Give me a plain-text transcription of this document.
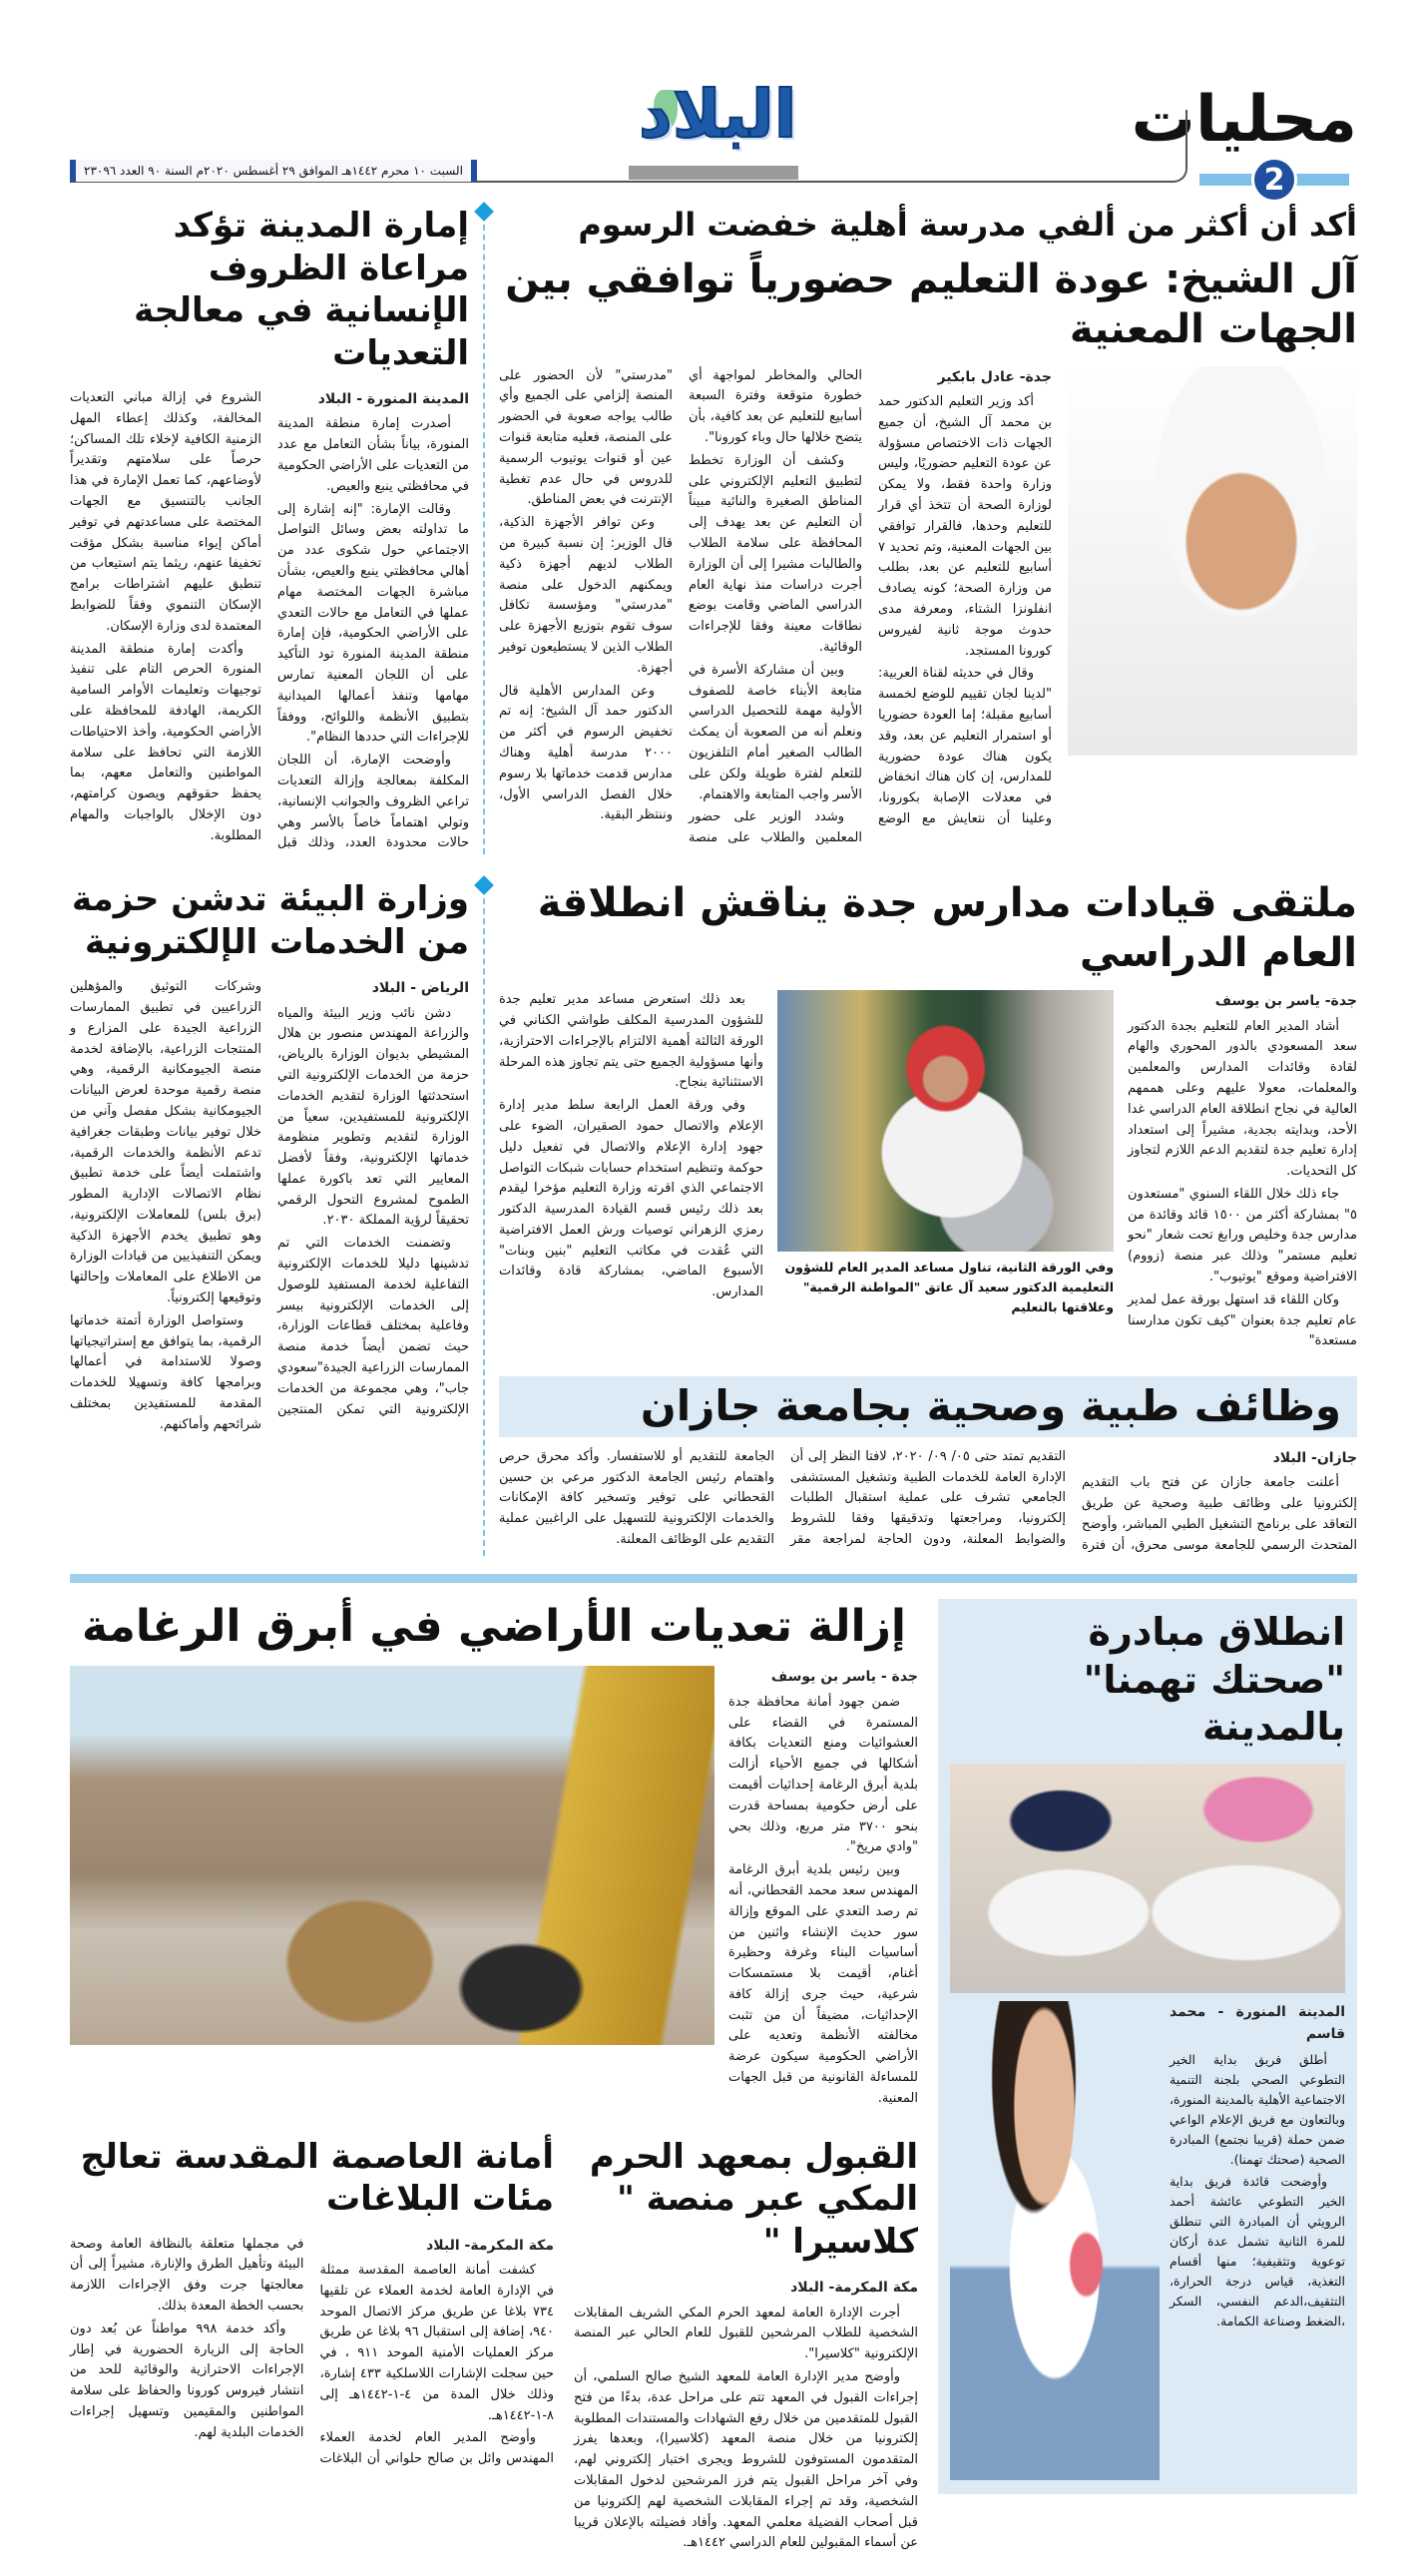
محليات
2
البلاد
السبت ١٠ محرم ١٤٤٢هـ الموافق ٢٩ أغسطس ٢٠٢٠م السنة ٩٠ العدد ٢٣٠٩٦
أكد أن أكثر من ألفي مدرسة أهلية خفضت الرسوم
آل الشيخ: عودة التعليم حضورياً توافقي بين الجهات المعنية
جدة- عادل بابكير

أكد وزير التعليم الدكتور حمد بن محمد آل الشيخ، أن جميع الجهات ذات الاختصاص مسؤولة عن عودة التعليم حضوريًا، وليس وزارة واحدة فقط، ولا يمكن لوزارة الصحة أن تتخذ أي قرار للتعليم وحدها، فالقرار توافقي بين الجهات المعنية، وتم تحديد ٧ أسابيع للتعليم عن بعد، بطلب من وزارة الصحة؛ كونه يصادف انفلونزا الشتاء، ومعرفة مدى حدوث موجة ثانية لفيروس كورونا المستجد.

وقال في حديثه لقناة العربية: "لدينا لجان تقييم للوضع لخمسة أسابيع مقبلة؛ إما العودة حضوريا أو استمرار التعليم عن بعد، وقد يكون هناك عودة حضورية للمدارس، إن كان هناك انخفاض في معدلات الإصابة بكورونا، وعلينا أن نتعايش مع الوضع الحالي والمخاطر لمواجهة أي خطورة متوقعة وفترة السبعة أسابيع للتعليم عن بعد كافية، بأن يتضح خلالها حال وباء كورونا".

وكشف أن الوزارة تخطط لتطبيق التعليم الإلكتروني على المناطق الصغيرة والنائية مبيناً أن التعليم عن بعد يهدف إلى المحافظة على سلامة الطلاب والطالبات مشيرا إلى أن الوزارة أجرت دراسات منذ نهاية العام الدراسي الماضي وقامت بوضع نطاقات معينة وفقا للإجراءات الوقائية.

وبين أن مشاركة الأسرة في متابعة الأبناء خاصة للصفوف الأولية مهمة للتحصيل الدراسي ونعلم أنه من الصعوبة أن يمكث الطالب الصغير أمام التلفزيون للتعلم لفترة طويلة ولكن على الأسر واجب المتابعة والاهتمام.

وشدد الوزير على حضور المعلمين والطلاب على منصة "مدرستي" لأن الحضور على المنصة إلزامي على الجميع وأي طالب يواجه صعوبة في الحضور على المنصة، فعليه متابعة قنوات عين أو قنوات يوتيوب الرسمية للدروس في حال عدم تغطية الإنترنت في بعض المناطق.

وعن توافر الأجهزة الذكية، قال الوزير: إن نسبة كبيرة من الطلاب لديهم أجهزة ذكية ويمكنهم الدخول على منصة "مدرستي" ومؤسسة تكافل سوف تقوم بتوزيع الأجهزة على الطلاب الذين لا يستطيعون توفير أجهزة.

وعن المدارس الأهلية قال الدكتور حمد آل الشيخ: إنه تم تخفيض الرسوم في أكثر من ٢٠٠٠ مدرسة أهلية وهناك مدارس قدمت خدماتها بلا رسوم خلال الفصل الدراسي الأول، وننتظر البقية.

إمارة المدينة تؤكد مراعاة الظروف الإنسانية في معالجة التعديات
المدينة المنورة - البلاد

أصدرت إمارة منطقة المدينة المنورة، بياناً بشأن التعامل مع عدد من التعديات على الأراضي الحكومية في محافظتي ينبع والعيص.

وقالت الإمارة: "إنه إشارة إلى ما تداولته بعض وسائل التواصل الاجتماعي حول شكوى عدد من أهالي محافظتي ينبع والعيص، بشأن مباشرة الجهات المختصة مهام عملها في التعامل مع حالات التعدي على الأراضي الحكومية، فإن إمارة منطقة المدينة المنورة تود التأكيد على أن اللجان المعنية تمارس مهامها وتنفذ أعمالها الميدانية بتطبيق الأنظمة واللوائح، ووفقاً للإجراءات التي حددها النظام".

وأوضحت الإمارة، أن اللجان المكلفة بمعالجة وإزالة التعديات تراعي الظروف والجوانب الإنسانية، وتولي اهتماماً خاصاً بالأسر وهي حالات محدودة العدد، وذلك قبل الشروع في إزالة مباني التعديات المخالفة، وكذلك إعطاء المهل الزمنية الكافية لإخلاء تلك المساكن؛ حرصاً على سلامتهم وتقديراً لأوضاعهم، كما تعمل الإمارة في هذا الجانب بالتنسيق مع الجهات المختصة على مساعدتهم في توفير أماكن إيواء مناسبة بشكل مؤقت تخفيفا عنهم، ريثما يتم استيعاب من تنطبق عليهم اشتراطات برامج الإسكان التنموي وفقاً للضوابط المعتمدة لدى وزارة الإسكان.

وأكدت إمارة منطقة المدينة المنورة الحرص التام على تنفيذ توجيهات وتعليمات الأوامر السامية الكريمة، الهادفة للمحافظة على الأراضي الحكومية، وأخذ الاحتياطات اللازمة التي تحافظ على سلامة المواطنين والتعامل معهم، بما يحفظ حقوقهم ويصون كرامتهم، دون الإخلال بالواجبات والمهام المطلوبة.

ملتقى قيادات مدارس جدة يناقش انطلاقة العام الدراسي
جدة- ياسر بن يوسف

أشاد المدير العام للتعليم بجدة الدكتور سعد المسعودي بالدور المحوري والهام لقادة وقائدات المدارس والمعلمين والمعلمات، معولا عليهم وعلى هممهم العالية في نجاح انطلاقة العام الدراسي غدا الأحد، وبدايته بجدية، مشيراً إلى استعداد إدارة تعليم جدة لتقديم الدعم اللازم لتجاوز كل التحديات.

جاء ذلك خلال اللقاء السنوي "مستعدون ٥" بمشاركة أكثر من ١٥٠٠ قائد وقائدة من مدارس جدة وخليص ورابغ تحت شعار "نحو تعليم مستمر" وذلك عبر منصة (زووم) الافتراضية وموقع "يوتيوب".

وكان اللقاء قد استهل بورقة عمل لمدير عام تعليم جدة بعنوان "كيف تكون مدارسنا مستعدة"

وفي الورقة الثانية، تناول مساعد المدير العام للشؤون التعليمية الدكتور سعيد آل عاتق "المواطنة الرقمية" وعلاقتها بالتعليم

بعد ذلك استعرض مساعد مدير تعليم جدة للشؤون المدرسية المكلف طواشي الكناني في الورقة الثالثة أهمية الالتزام بالإجراءات الاحترازية، وأنها مسؤولية الجميع حتى يتم تجاوز هذه المرحلة الاستثنائية بنجاح.

وفي ورقة العمل الرابعة سلط مدير إدارة الإعلام والاتصال حمود الصقيران، الضوء على جهود إدارة الإعلام والاتصال في تفعيل دليل حوكمة وتنظيم استخدام حسابات شبكات التواصل الاجتماعي الذي اقرته وزارة التعليم مؤخرا ليقدم بعد ذلك رئيس قسم القيادة المدرسية الدكتور رمزي الزهراني توصيات ورش العمل الافتراضية التي عُقدت في مكاتب التعليم "بنين وبنات" الأسبوع الماضي، بمشاركة قادة وقائدات المدارس.

وظائف طبية وصحية بجامعة جازان
جازان- البلاد

أعلنت جامعة جازان عن فتح باب التقديم إلكترونيا على وظائف طبية وصحية عن طريق التعاقد على برنامج التشغيل الطبي المباشر، وأوضح المتحدث الرسمي للجامعة موسى محرق، أن فترة التقديم تمتد حتى ٠٥/ ٠٩/ ٢٠٢٠، لافتا النظر إلى أن الإدارة العامة للخدمات الطبية وتشغيل المستشفى الجامعي تشرف على عملية استقبال الطلبات إلكترونيا، ومراجعتها وتدقيقها وفقا للشروط والضوابط المعلنة، ودون الحاجة لمراجعة مقر الجامعة للتقديم أو للاستفسار. وأكد محرق حرص واهتمام رئيس الجامعة الدكتور مرعي بن حسين القحطاني على توفير وتسخير كافة الإمكانات والخدمات الإلكترونية للتسهيل على الراغبين عملية التقديم على الوظائف المعلنة.

وزارة البيئة تدشن حزمة من الخدمات الإلكترونية
الرياض - البلاد

دشن نائب وزير البيئة والمياه والزراعة المهندس منصور بن هلال المشيطي بديوان الوزارة بالرياض، حزمة من الخدمات الإلكترونية التي استحدثتها الوزارة لتقديم الخدمات الإلكترونية للمستفيدين، سعياً من الوزارة لتقديم وتطوير منظومة خدماتها الإلكترونية، وفقاً لأفضل المعايير التي تعد باكورة عملها الطموح لمشروع التحول الرقمي تحقيقاً لرؤية المملكة ٢٠٣٠.

وتضمنت الخدمات التي تم تدشينها دليلا للخدمات الإلكترونية التفاعلية لخدمة المستفيد للوصول إلى الخدمات الإلكترونية بيسر وفاعلية بمختلف قطاعات الوزارة، حيث تضمن أيضاً خدمة منصة الممارسات الزراعية الجيدة"سعودي جاب"، وهي مجموعة من الخدمات الإلكترونية التي تمكن المنتجين وشركات التوثيق والمؤهلين الزراعيين في تطبيق الممارسات الزراعية الجيدة على المزارع و المنتجات الزراعية، بالإضافة لخدمة منصة الجيومكانية الرقمية، وهي منصة رقمية موحدة لعرض البيانات الجيومكانية بشكل مفصل وآني من خلال توفير بيانات وطبقات جغرافية تدعم الأنظمة والخدمات الرقمية، واشتملت أيضاً على خدمة تطبيق نظام الاتصالات الإدارية المطور (برق بلس) للمعاملات الإلكترونية، وهو تطبيق يخدم الأجهزة الذكية ويمكن التنفيذيين من قيادات الوزارة من الاطلاع على المعاملات وإحالتها وتوقيعها إلكترونياً.

وستواصل الوزارة أتمتة خدماتها الرقمية، بما يتوافق مع إستراتيجياتها وصولا للاستدامة في أعمالها وبرامجها كافة وتسهيلا للخدمات المقدمة للمستفيدين بمختلف شرائحهم وأماكنهم.

انطلاق مبادرة "صحتك تهمنا" بالمدينة
المدينة المنورة - محمد قاسم

أطلق فريق بداية الخير التطوعي الصحي بلجنة التنمية الاجتماعية الأهلية بالمدينة المنورة، وبالتعاون مع فريق الإعلام الواعي ضمن حملة (قريبا نجتمع) المبادرة الصحية (صحتك تهمنا).

وأوضحت قائدة فريق بداية الخير التطوعي عائشة أحمد الرويثي أن المبادرة التي تنطلق للمرة الثانية تشمل عدة أركان توعوية وتثقيفية؛ منها أقسام التغذية، قياس درجة الحرارة، التثقيف،الدعم النفسي، السكر ،الضغط وصناعة الكمامة.

إزالة تعديات الأراضي في أبرق الرغامة
جدة - ياسر بن يوسف

ضمن جهود أمانة محافظة جدة المستمرة في القضاء على العشوائيات ومنع التعديات بكافة أشكالها في جميع الأحياء أزالت بلدية أبرق الرغامة إحداثيات أقيمت على أرض حكومية بمساحة قدرت بنحو ٣٧٠٠ متر مربع، وذلك بحي "وادي مريخ".

وبين رئيس بلدية أبرق الرغامة المهندس سعد محمد القحطاني، أنه تم رصد التعدي على الموقع وإزالة سور حديث الإنشاء واثنين من أساسيات البناء وغرفة وحظيرة أغنام، أقيمت بلا مستمسكات شرعية، حيث جرى إزالة كافة الإحداثيات، مضيفاً أن من تثبت مخالفته الأنظمة وتعديه على الأراضي الحكومية سيكون عرضة للمساءلة القانونية من قبل الجهات المعنية.

القبول بمعهد الحرم المكي عبر منصة " كلاسيرا "
مكة المكرمة- البلاد

أجرت الإدارة العامة لمعهد الحرم المكي الشريف المقابلات الشخصية للطلاب المرشحين للقبول للعام الحالي عبر المنصة الإلكترونية "كلاسيرا".

وأوضح مدير الإدارة العامة للمعهد الشيخ صالح السلمي، أن إجراءات القبول في المعهد تتم على مراحل عدة، بدءًا من فتح القبول للمتقدمين من خلال رفع الشهادات والمستندات المطلوبة إلكترونيا من خلال منصة المعهد (كلاسيرا)، وبعدها يفرز المتقدمون المستوفون للشروط ويجرى اختبار إلكتروني لهم، وفي آخر مراحل القبول يتم فرز المرشحين لدخول المقابلات الشخصية، وقد تم إجراء المقابلات الشخصية لهم إلكترونيا من قبل أصحاب الفضيلة معلمي المعهد. وأفاد فضيلته بالإعلان قريبا عن أسماء المقبولين للعام الدراسي ١٤٤٢هـ.

أمانة العاصمة المقدسة تعالج مئات البلاغات
مكة المكرمة- البلاد

كشفت أمانة العاصمة المقدسة ممثلة في الإدارة العامة لخدمة العملاء عن تلقيها ٧٣٤ بلاغا عن طريق مركز الاتصال الموحد ٩٤٠، إضافة إلى استقبال ٩٦ بلاغا عن طريق مركز العمليات الأمنية الموحد ٩١١ ، في حين سجلت الإشارات اللاسلكية ٤٣٣ إشارة، وذلك خلال المدة من ٤-١-١٤٤٢هـ إلى ٨-١-١٤٤٢هـ.

وأوضح المدير العام لخدمة العملاء المهندس وائل بن صالح حلواني أن البلاغات في مجملها متعلقة بالنظافة العامة وصحة البيئة وتأهيل الطرق والإنارة، مشيراً إلى أن معالجتها جرت وفق الإجراءات اللازمة بحسب الخطة المعدة بذلك.

وأكد خدمة ٩٩٨ مواطناً عن بُعد دون الحاجة إلى الزيارة الحضورية في إطار الإجراءات الاحترازية والوقائية للحد من انتشار فيروس كورونا والحفاظ على سلامة المواطنين والمقيمين وتسهيل إجراءات الخدمات البلدية لهم.
